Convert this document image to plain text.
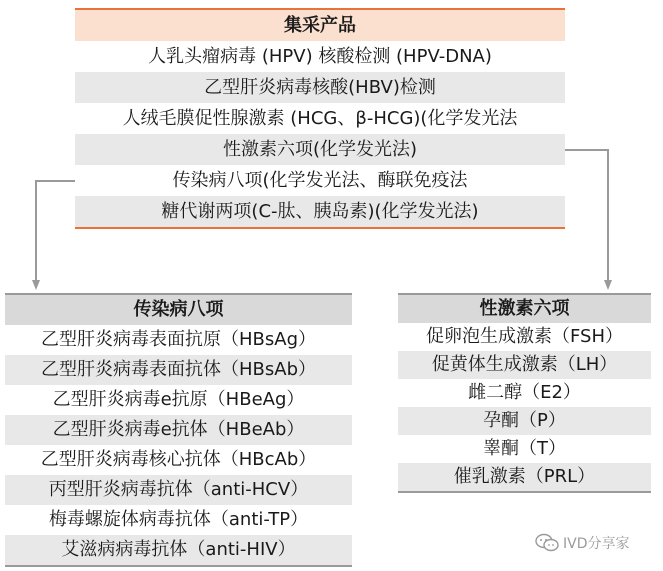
集采产品
人乳头瘤病毒 (HPV) 核酸检测 (HPV-DNA)
乙型肝炎病毒核酸(HBV)检测
人绒毛膜促性腺激素 (HCG、β-HCG)(化学发光法
性激素六项(化学发光法)
传染病八项(化学发光法、酶联免疫法
糖代谢两项(C-肽、胰岛素)(化学发光法)
传染病八项
乙型肝炎病毒表面抗原（HBsAg）
乙型肝炎病毒表面抗体（HBsAb）
乙型肝炎病毒e抗原（HBeAg）
乙型肝炎病毒e抗体（HBeAb）
乙型肝炎病毒核心抗体（HBcAb）
丙型肝炎病毒抗体（anti-HCV）
梅毒螺旋体病毒抗体（anti-TP）
艾滋病病毒抗体（anti-HIV）
性激素六项
促卵泡生成激素（FSH）
促黄体生成激素（LH）
雌二醇（E2）
孕酮（P）
睾酮（T）
催乳激素（PRL）
IVD分享家
